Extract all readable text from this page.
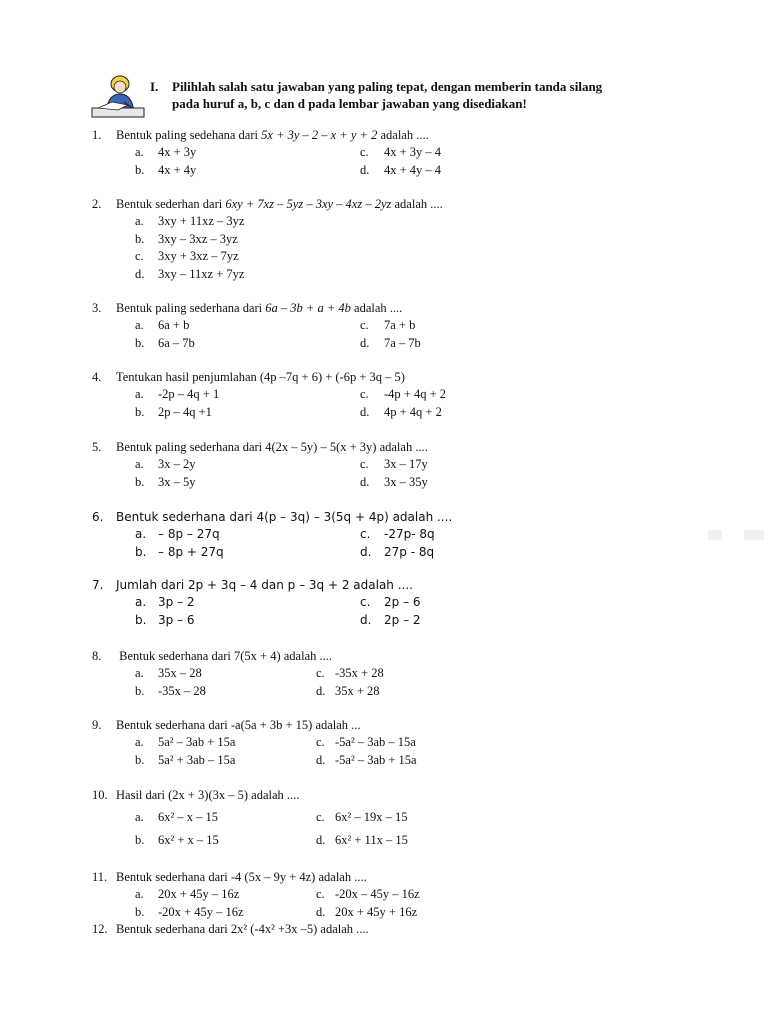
I. Pilihlah salah satu jawaban yang paling tepat, dengan memberin tanda silang
pada huruf a, b, c dan d pada lembar jawaban yang disediakan!
1. Bentuk paling sedehana dari 5x + 3y – 2 – x + y + 2 adalah ....
a. 4x + 3y	c. 4x + 3y – 4
b. 4x + 4y	d. 4x + 4y – 4
2. Bentuk sederhan dari 6xy + 7xz – 5yz – 3xy – 4xz – 2yz adalah ....
a. 3xy + 11xz – 3yz
b. 3xy – 3xz – 3yz
c. 3xy + 3xz – 7yz
d. 3xy – 11xz + 7yz
3. Bentuk paling sederhana dari 6a – 3b + a + 4b adalah ....
a. 6a + b	c. 7a + b
b. 6a – 7b	d. 7a – 7b
4. Tentukan hasil penjumlahan (4p –7q + 6) + (-6p + 3q – 5)
a. -2p – 4q + 1	c. -4p + 4q + 2
b. 2p – 4q +1	d. 4p + 4q + 2
5. Bentuk paling sederhana dari 4(2x – 5y) – 5(x + 3y) adalah ....
a. 3x – 2y	c. 3x – 17y
b. 3x – 5y	d. 3x – 35y
6. Bentuk sederhana dari 4(p – 3q) – 3(5q + 4p) adalah ....
a. – 8p – 27q	c. -27p- 8q
b. – 8p + 27q	d. 27p - 8q
7. Jumlah dari 2p + 3q – 4 dan p – 3q + 2 adalah ....
a. 3p – 2	c. 2p – 6
b. 3p – 6	d. 2p – 2
8. Bentuk sederhana dari 7(5x + 4) adalah ....
a. 35x – 28	c. -35x + 28
b. -35x – 28	d. 35x + 28
9. Bentuk sederhana dari -a(5a + 3b + 15) adalah ...
a. 5a² – 3ab + 15a	c. -5a² – 3ab – 15a
b. 5a² + 3ab – 15a	d. -5a² – 3ab + 15a
10. Hasil dari (2x + 3)(3x – 5) adalah ....
a. 6x² – x – 15	c. 6x² – 19x – 15
b. 6x² + x – 15	d. 6x² + 11x – 15
11. Bentuk sederhana dari -4 (5x – 9y + 4z) adalah ....
a. 20x + 45y – 16z	c. -20x – 45y – 16z
b. -20x + 45y – 16z	d. 20x + 45y + 16z
12. Bentuk sederhana dari 2x² (-4x² +3x –5) adalah ....
